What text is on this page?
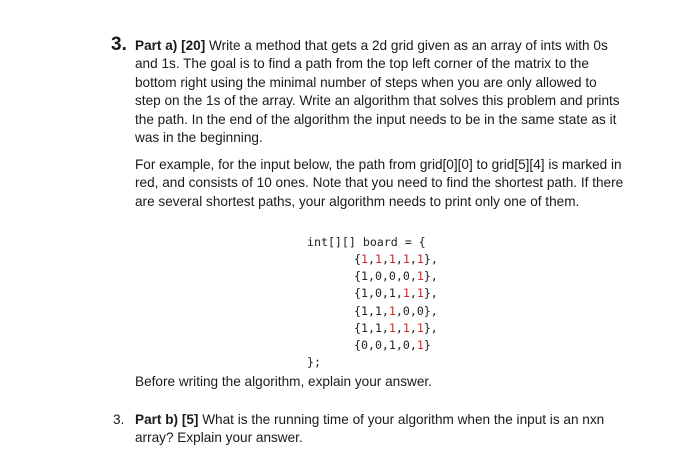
3. Part a) [20] Write a method that gets a 2d grid given as an array of ints with 0s
and 1s. The goal is to find a path from the top left corner of the matrix to the
bottom right using the minimal number of steps when you are only allowed to
step on the 1s of the array. Write an algorithm that solves this problem and prints
the path. In the end of the algorithm the input needs to be in the same state as it
was in the beginning.
For example, for the input below, the path from grid[0][0] to grid[5][4] is marked in
red, and consists of 10 ones. Note that you need to find the shortest path. If there
are several shortest paths, your algorithm needs to print only one of them.
int[][] board = {
{1,1,1,1,1},
{1,0,0,0,1},
{1,0,1,1,1},
{1,1,1,0,0},
{1,1,1,1,1},
{0,0,1,0,1}
};
Before writing the algorithm, explain your answer.
3. Part b) [5] What is the running time of your algorithm when the input is an nxn
array? Explain your answer.
